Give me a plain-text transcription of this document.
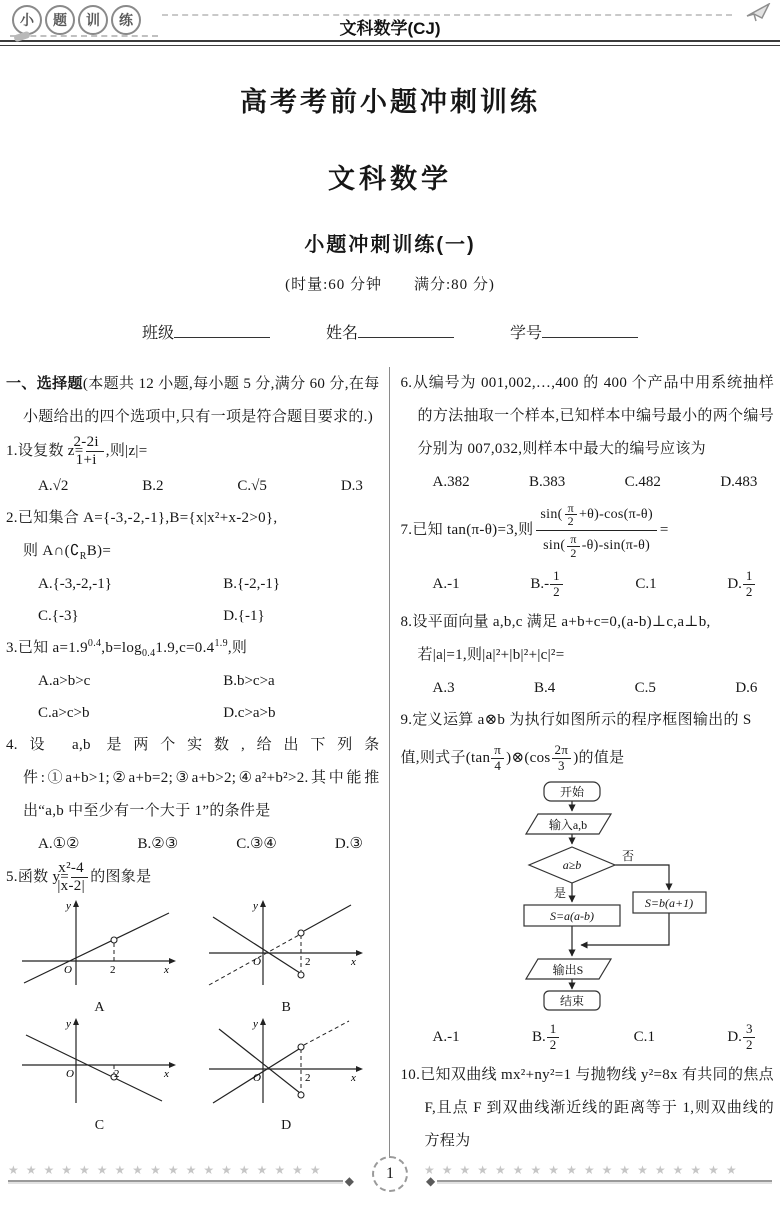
小	题	训	练	文科数学(CJ)
高考考前小题冲刺训练
文科数学
小题冲刺训练(一)
(时量:60 分钟　　满分:80 分)
班级	姓名	学号

一、选择题(本题共 12 小题,每小题 5 分,满分 60 分,在每小题给出的四个选项中,只有一项是符合题目要求的.)

1.设复数 $z= \frac{2-2i}{1+i}$ ,则|z|=

A.√2	B.2	C.√5	D.3

2.已知集合 A={-3,-2,-1},B={x|x²+x-2>0},
则 $A\cap(∁_RB)=$

A.{-3,-2,-1}	B.{-2,-1}
C.{-3}	D.{-1}

3.已知 $a=1.9^{0.4},b=\log_{0.4}1.9,c=0.4^{1.9}$,则

A.a>b>c	B.b>c>a
C.a>c>b	D.c>a>b

4.设 a,b 是两个实数,给出下列条件:①a+b>1;②a+b=2;③a+b>2;④a²+b²>2.其中能推出“a,b 中至少有一个大于 1”的条件是

A.①②	B.②③	C.③④	D.③

5.函数 $y= \frac{\text{x²-4}}{|x-2|}$ 的图象是

y
O	2	x
A
O	2	x
y
B
O	2	x
y
C
O	2	x
y
D

6.从编号为 001,002,…,400 的 400 个产品中用系统抽样的方法抽取一个样本,已知样本中编号最小的两个编号分别为 007,032,则样本中最大的编号应该为

A.382	B.383	C.482	D.483
7. 已知 tan(π-θ)=3,则 $\frac{\sin( \frac{\pi}{2} +\theta)-\cos(\pi-\theta)}{\sin( \frac{\pi}{2} -\theta)-\sin(\pi-\theta)}$ =
A. -1	B. - $\frac{1}{2}$	C. 1	D. $\frac{1}{2}$

8.设平面向量 a,b,c 满足 a+b+c=0,(a-b)⊥c,a⊥b,
若|a|=1,则|a|²+|b|²+|c|²=

A.3	B.4	C.5	D.6

9.定义运算 a⊗b 为执行如图所示的程序框图输出的 S

值,则式子 ($\tan \frac{\pi}{4}$ )⊗(cos $\frac{2\pi}{3}$ )的值是
开始
输入a,b
a≥b
是
否
S=a(a-b)
S=b(a+1)
输出S
结束
A. -1	B. $\frac{1}{2}$	C. 1	D. $\frac{3}{2}$

10.已知双曲线 mx²+ny²=1 与抛物线 y²=8x 有共同的焦点 F,且点 F 到双曲线渐近线的距离等于 1,则双曲线的方程为

★★★★★★★★★★★★★★★★★★
◆ 1	★★★★★★★★★★★★★★★★★★
◆
